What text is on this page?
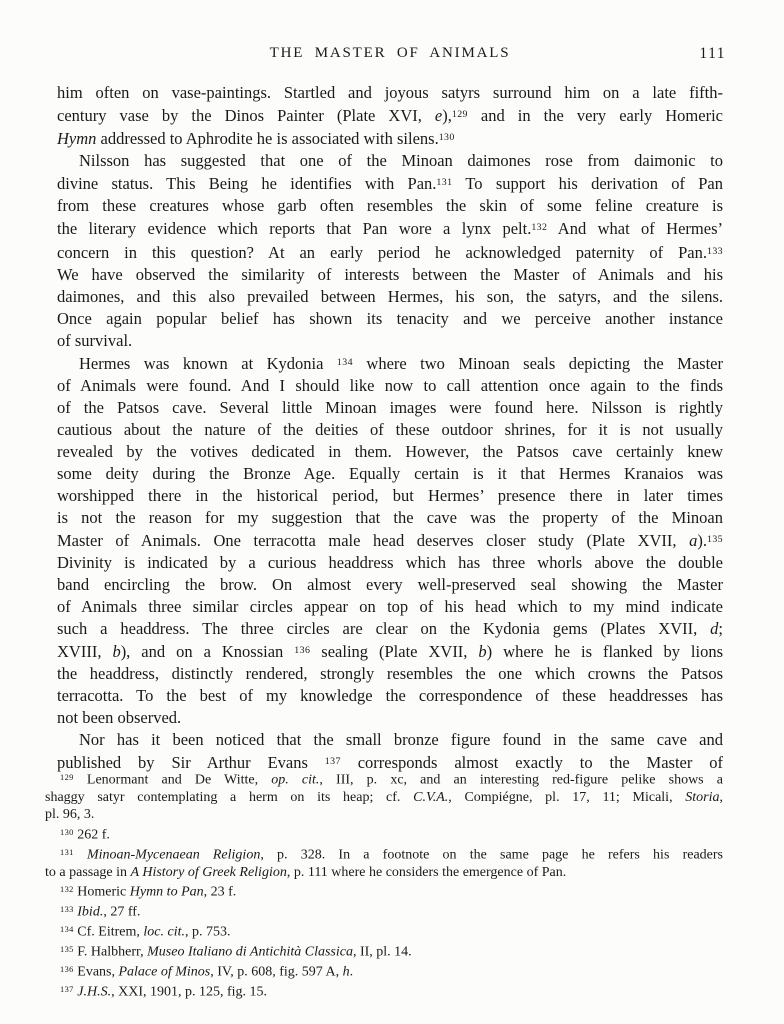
THE MASTER OF ANIMALS	111
him often on vase-paintings. Startled and joyous satyrs surround him on a late fifth-
century vase by the Dinos Painter (Plate XVI, e),$^{129}$ and in the very early Homeric
Hymn addressed to Aphrodite he is associated with silens.$^{130}$
Nilsson has suggested that one of the Minoan daimones rose from daimonic to
divine status. This Being he identifies with Pan.$^{131}$ To support his derivation of Pan
from these creatures whose garb often resembles the skin of some feline creature is
the literary evidence which reports that Pan wore a lynx pelt.$^{132}$ And what of Hermes’
concern in this question? At an early period he acknowledged paternity of Pan.$^{133}$
We have observed the similarity of interests between the Master of Animals and his
daimones, and this also prevailed between Hermes, his son, the satyrs, and the silens.
Once again popular belief has shown its tenacity and we perceive another instance
of survival.
Hermes was known at Kydonia $^{134}$ where two Minoan seals depicting the Master
of Animals were found. And I should like now to call attention once again to the finds
of the Patsos cave. Several little Minoan images were found here. Nilsson is rightly
cautious about the nature of the deities of these outdoor shrines, for it is not usually
revealed by the votives dedicated in them. However, the Patsos cave certainly knew
some deity during the Bronze Age. Equally certain is it that Hermes Kranaios was
worshipped there in the historical period, but Hermes’ presence there in later times
is not the reason for my suggestion that the cave was the property of the Minoan
Master of Animals. One terracotta male head deserves closer study (Plate XVII, a).$^{135}$
Divinity is indicated by a curious headdress which has three whorls above the double
band encircling the brow. On almost every well-preserved seal showing the Master
of Animals three similar circles appear on top of his head which to my mind indicate
such a headdress. The three circles are clear on the Kydonia gems (Plates XVII, d;
XVIII, b), and on a Knossian $^{136}$ sealing (Plate XVII, b) where he is flanked by lions
the headdress, distinctly rendered, strongly resembles the one which crowns the Patsos
terracotta. To the best of my knowledge the correspondence of these headdresses has
not been observed.
Nor has it been noticed that the small bronze figure found in the same cave and
published by Sir Arthur Evans $^{137}$ corresponds almost exactly to the Master of
$^{129}$ Lenormant and De Witte, op. cit., III, p. xc, and an interesting red-figure pelike shows a
shaggy satyr contemplating a herm on its heap; cf. C.V.A., Compiégne, pl. 17, 11; Micali, Storia,
pl. 96, 3.
$^{130}$ 262 f.
$^{131}$ Minoan-Mycenaean Religion, p. 328. In a footnote on the same page he refers his readers
to a passage in A History of Greek Religion, p. 111 where he considers the emergence of Pan.
$^{132}$ Homeric Hymn to Pan, 23 f.
$^{133}$ Ibid., 27 ff.
$^{134}$ Cf. Eitrem, loc. cit., p. 753.
$^{135}$ F. Halbherr, Museo Italiano di Antichità Classica, II, pl. 14.
$^{136}$ Evans, Palace of Minos, IV, p. 608, fig. 597 A, h.
$^{137}$ J.H.S., XXI, 1901, p. 125, fig. 15.
